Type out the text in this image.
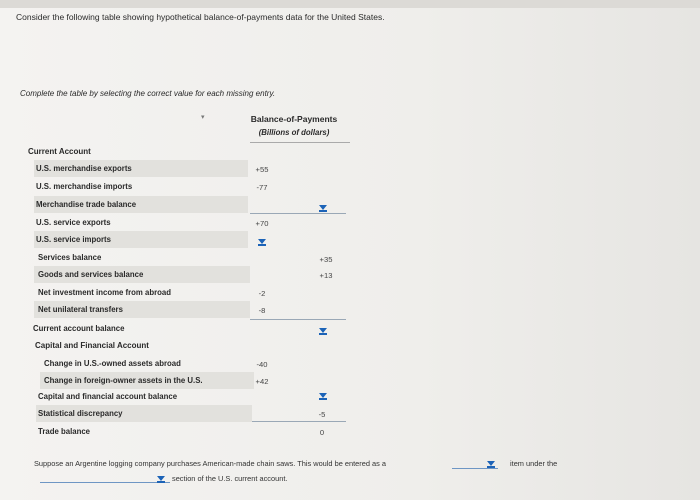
Consider the following table showing hypothetical balance-of-payments data for the United States.
Complete the table by selecting the correct value for each missing entry.
▾	Balance-of-Payments
(Billions of dollars)
Current Account
U.S. merchandise exports	+55
U.S. merchandise imports	-77
Merchandise trade balance
U.S. service exports	+70
U.S. service imports
Services balance	+35
Goods and services balance	+13
Net investment income from abroad	-2
Net unilateral transfers	-8
Current account balance
Capital and Financial Account
Change in U.S.-owned assets abroad	-40
Change in foreign-owner assets in the U.S.	+42
Capital and financial account balance
Statistical discrepancy	-5
Trade balance	0
Suppose an Argentine logging company purchases American-made chain saws. This would be entered as a	item under the
section of the U.S. current account.
